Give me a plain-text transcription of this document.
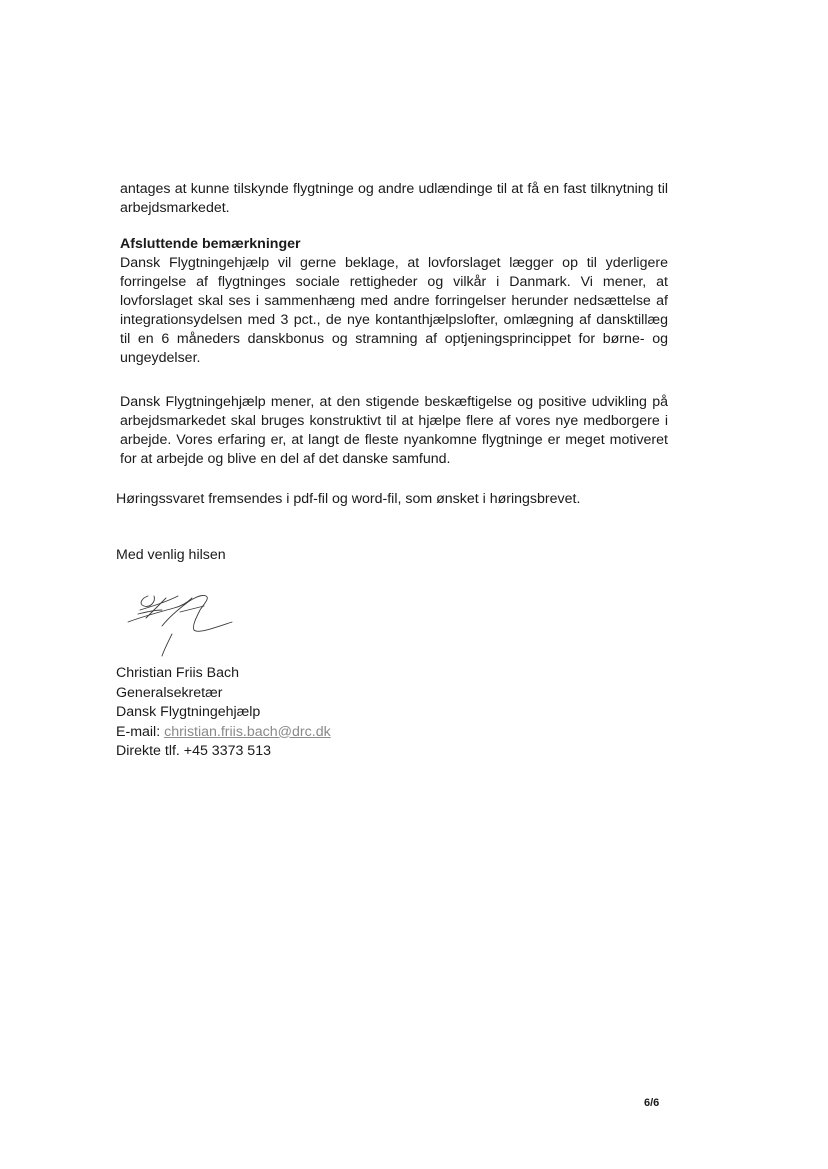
antages at kunne tilskynde flygtninge og andre udlændinge til at få en fast tilknytning til arbejdsmarkedet.

Afsluttende bemærkninger

Dansk Flygtningehjælp vil gerne beklage, at lovforslaget lægger op til yderligere forringelse af flygtninges sociale rettigheder og vilkår i Danmark. Vi mener, at lovforslaget skal ses i sammenhæng med andre forringelser herunder nedsættelse af integrationsydelsen med 3 pct., de nye kontanthjælpslofter, omlægning af dansktillæg til en 6 måneders danskbonus og stramning af optjeningsprincippet for børne- og ungeydelser.

Dansk Flygtningehjælp mener, at den stigende beskæftigelse og positive udvikling på arbejdsmarkedet skal bruges konstruktivt til at hjælpe flere af vores nye medborgere i arbejde. Vores erfaring er, at langt de fleste nyankomne flygtninge er meget motiveret for at arbejde og blive en del af det danske samfund.

Høringssvaret fremsendes i pdf-fil og word-fil, som ønsket i høringsbrevet.

Med venlig hilsen

Christian Friis Bach
Generalsekretær
Dansk Flygtningehjælp
E-mail: christian.friis.bach@drc.dk
Direkte tlf. +45 3373 513
6/6
